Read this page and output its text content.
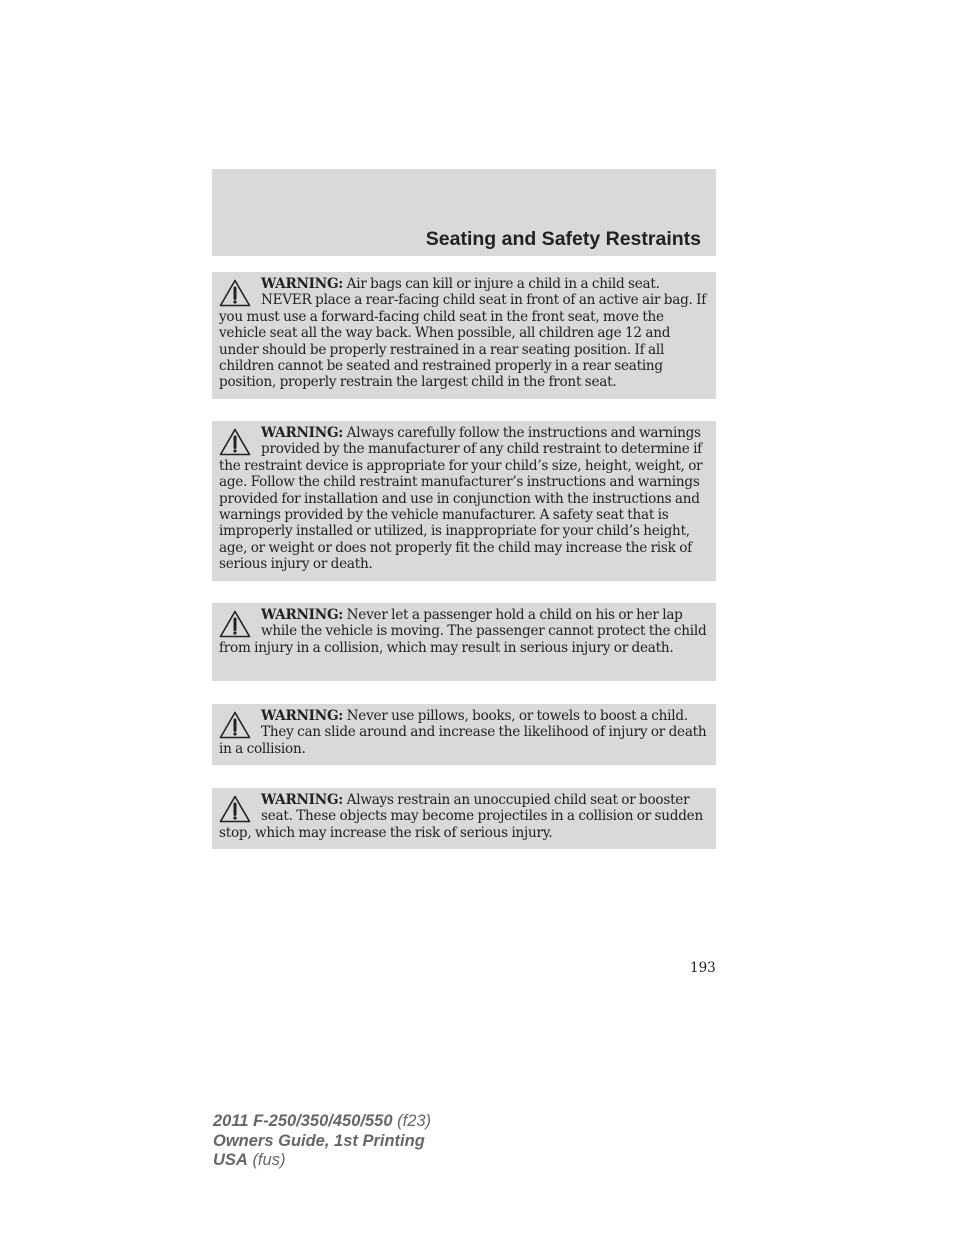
Seating and Safety Restraints
WARNING: Air bags can kill or injure a child in a child seat. NEVER place a rear-facing child seat in front of an active air bag. If you must use a forward-facing child seat in the front seat, move the vehicle seat all the way back. When possible, all children age 12 and under should be properly restrained in a rear seating position. If all children cannot be seated and restrained properly in a rear seating position, properly restrain the largest child in the front seat.
WARNING: Always carefully follow the instructions and warnings provided by the manufacturer of any child restraint to determine if the restraint device is appropriate for your child’s size, height, weight, or age. Follow the child restraint manufacturer’s instructions and warnings provided for installation and use in conjunction with the instructions and warnings provided by the vehicle manufacturer. A safety seat that is improperly installed or utilized, is inappropriate for your child’s height, age, or weight or does not properly fit the child may increase the risk of serious injury or death.
WARNING: Never let a passenger hold a child on his or her lap while the vehicle is moving. The passenger cannot protect the child from injury in a collision, which may result in serious injury or death.
WARNING: Never use pillows, books, or towels to boost a child. They can slide around and increase the likelihood of injury or death in a collision.
WARNING: Always restrain an unoccupied child seat or booster seat. These objects may become projectiles in a collision or sudden stop, which may increase the risk of serious injury.
193
2011 F-250/350/450/550 (f23)
Owners Guide, 1st Printing
USA (fus)
